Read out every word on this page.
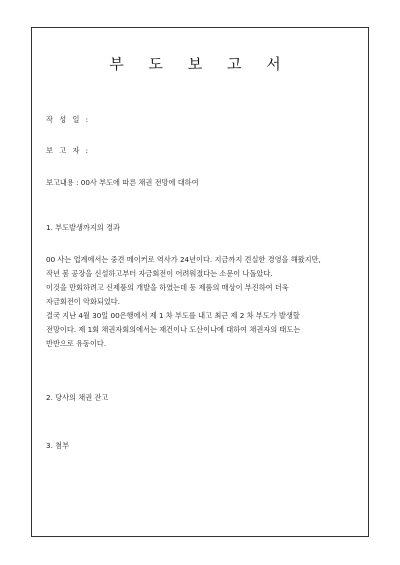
부 도 보 고 서
작 성 일 :
보 고 자 :
보고내용 : 00사 부도에 따른 채권 전망에 대하여
1. 부도발생까지의 경과
00 사는 업계에서는 중견 메이커로 역사가 24년이다. 지금까지 견실한 경영을 해왔지만,
작년 봄 공장을 신설하고부터 자금회전이 어려워졌다는 소문이 나돌았다.
이것을 만회하려고 신제품의 개발을 하였는데 동 제품의 매상이 부진하여 더욱
자금회전이 악화되었다.
결국 지난 4월 30일 00은행에서 제 1 차 부도를 내고 최근 제 2 차 부도가 발생할
전망이다. 제 1회 채권자회의에서는 재건이나 도산이나에 대하여 채권자의 태도는
반반으로 유동이다.
2. 당사의 채권 잔고
3. 첨부
